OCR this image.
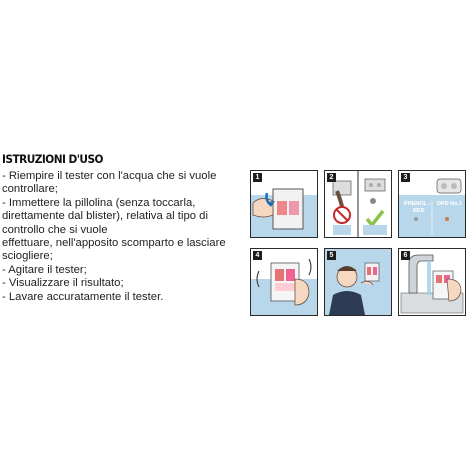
ISTRUZIONI D'USO
- Riempire il tester con l'acqua che si vuole
controllare;
- Immettere la pillolina (senza toccarla,
direttamente dal blister), relativa al tipo di
controllo che si vuole
effettuare, nell'apposito scomparto e lasciare
sciogliere;
- Agitare il tester;
- Visualizzare il risultato;
- Lavare accuratamente il tester.
1	2
PHENOL -
RED
DPD No.1
3
4	5	6
